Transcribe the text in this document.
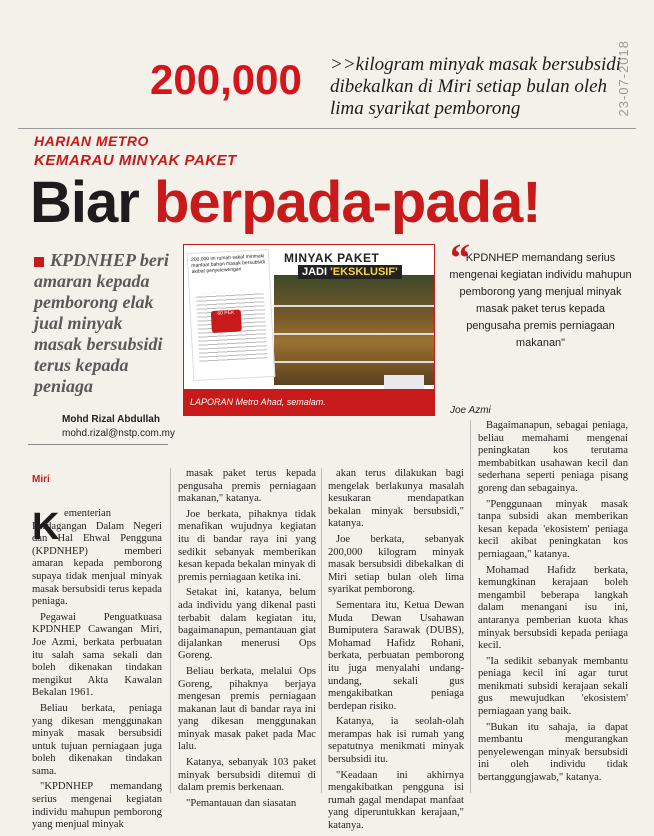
200,000 >>kilogram minyak masak bersubsidi dibekalkan di Miri setiap bulan oleh lima syarikat pemborong	23-07-2018
HARIAN METRO
KEMARAU MINYAK PAKET
Biar berpada-pada!
KPDNHEP beri amaran kepada pemborong elak jual minyak masak bersubsidi terus kepada peniaga
Mohd Rizal Abdullah
mohd.rizal@nstp.com.my
Miri
MINYAK PAKET
JADI 'EKSKLUSIF'
200,000 ini rumah sakat minmaki manfaat bahan masak bersubsidi akibat penyelewengan
60 PEK
LAPORAN Metro Ahad, semalam.
“
KPDNHEP memandang serius mengenai kegiatan individu mahupun pemborong yang menjual minyak masak paket terus kepada pengusaha premis perniagaan makanan"
Joe Azmi
K ementerian Perdagangan Dalam Negeri dan Hal Ehwal Pengguna (KPDNHEP) memberi amaran kepada pemborong supaya tidak menjual minyak masak bersubsidi terus kepada peniaga.

Pegawai Penguatkuasa KPDNHEP Cawangan Miri, Joe Azmi, berkata perbuatan itu salah sama sekali dan boleh dikenakan tindakan mengikut Akta Kawalan Bekalan 1961.

Beliau berkata, peniaga yang dikesan menggunakan minyak masak bersubsidi untuk tujuan perniagaan juga boleh dikenakan tindakan sama.

"KPDNHEP memandang serius mengenai kegiatan individu mahupun pemborong yang menjual minyak

masak paket terus kepada pengusaha premis perniagaan makanan," katanya.

Joe berkata, pihaknya tidak menafikan wujudnya kegiatan itu di bandar raya ini yang sedikit sebanyak memberikan kesan kepada bekalan minyak di premis perniagaan ketika ini.

Setakat ini, katanya, belum ada individu yang dikenal pasti terbabit dalam kegiatan itu, bagaimanapun, pemantauan giat dijalankan menerusi Ops Goreng.

Beliau berkata, melalui Ops Goreng, pihaknya berjaya mengesan premis perniagaan makanan laut di bandar raya ini yang dikesan menggunakan minyak masak paket pada Mac lalu.

Katanya, sebanyak 103 paket minyak bersubsidi ditemui di dalam premis berkenaan.

"Pemantauan dan siasatan

akan terus dilakukan bagi mengelak berlakunya masalah kesukaran mendapatkan bekalan minyak bersubsidi," katanya.

Joe berkata, sebanyak 200,000 kilogram minyak masak bersubsidi dibekalkan di Miri setiap bulan oleh lima syarikat pemborong.

Sementara itu, Ketua Dewan Muda Dewan Usahawan Bumiputera Sarawak (DUBS), Mohamad Hafidz Rohani, berkata, perbuatan pemborong itu juga menyalahi undang-undang, sekali gus mengakibatkan peniaga berdepan risiko.

Katanya, ia seolah-olah merampas hak isi rumah yang sepatutnya menikmati minyak bersubsidi itu.

"Keadaan ini akhirnya mengakibatkan pengguna isi rumah gagal mendapat manfaat yang diperuntukkan kerajaan," katanya.

Bagaimanapun, sebagai peniaga, beliau memahami mengenai peningkatan kos terutama membabitkan usahawan kecil dan sederhana seperti peniaga pisang goreng dan sebagainya.

"Penggunaan minyak masak tanpa subsidi akan memberikan kesan kepada 'ekosistem' peniaga kecil akibat peningkatan kos perniagaan," katanya.

Mohamad Hafidz berkata, kemungkinan kerajaan boleh mengambil beberapa langkah dalam menangani isu ini, antaranya pemberian kuota khas minyak bersubsidi kepada peniaga kecil.

"Ia sedikit sebanyak membantu peniaga kecil ini agar turut menikmati subsidi kerajaan sekali gus mewujudkan 'ekosistem' perniagaan yang baik.

"Bukan itu sahaja, ia dapat membantu mengurangkan penyelewengan minyak bersubsidi ini oleh individu tidak bertanggungjawab," katanya.
